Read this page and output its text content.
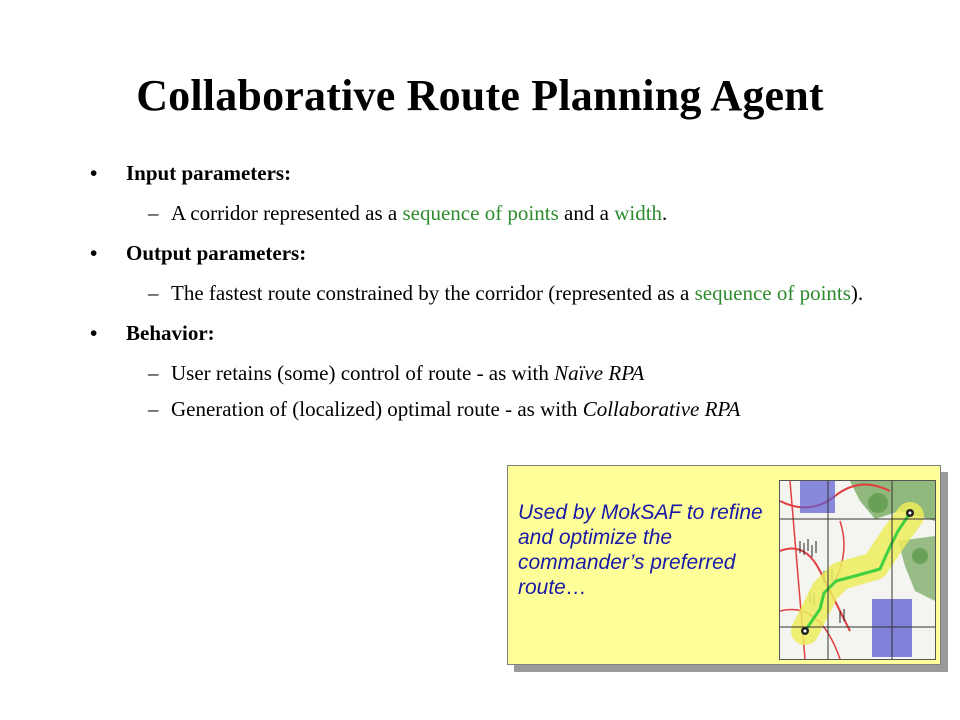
Collaborative Route Planning Agent
• Input parameters:
– A corridor represented as a sequence of points and a width.
• Output parameters:
– The fastest route constrained by the corridor (represented as a sequence of points).
• Behavior:
– User retains (some) control of route - as with Naïve RPA
– Generation of (localized) optimal route - as with Collaborative RPA
Used by MokSAF to refine and optimize the commander’s preferred route…
